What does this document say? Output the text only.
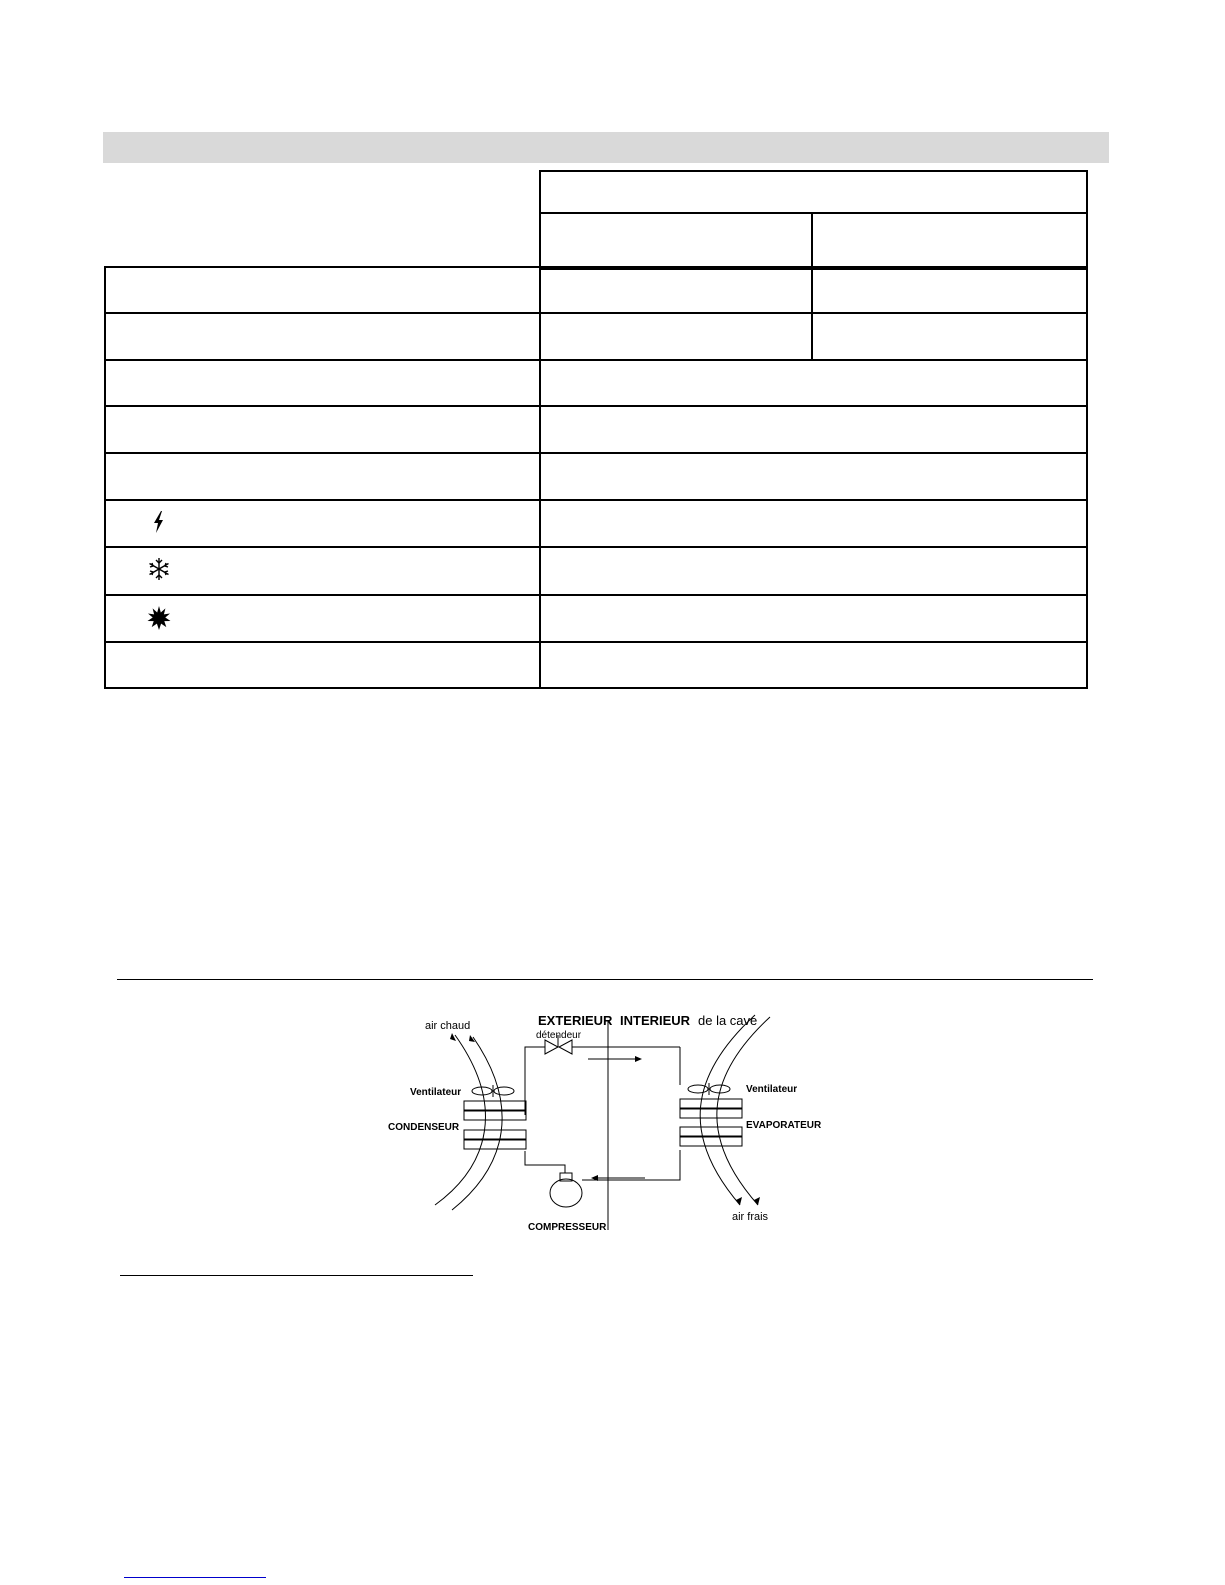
air chaud	EXTERIEUR INTERIEUR de la cave
détendeur
Ventilateur	Ventilateur
CONDENSEUR	EVAPORATEUR
COMPRESSEUR
air frais
